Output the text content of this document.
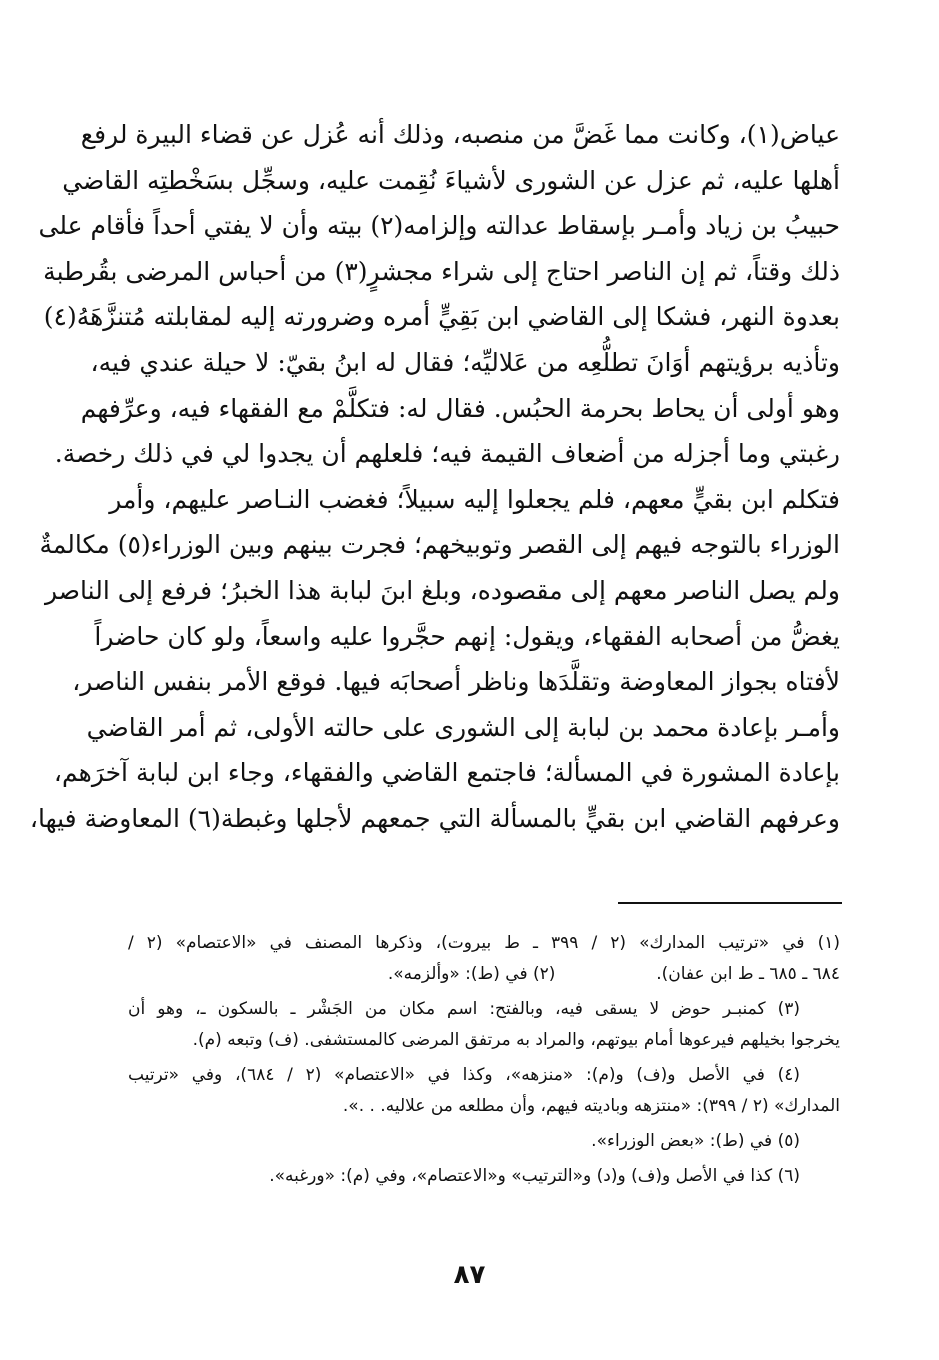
عياض(١)، وكانت مما غَضَّ من منصبه، وذلك أنه عُزل عن قضاء البيرة لرفع
أهلها عليه، ثم عزل عن الشورى لأشياءَ نُقِمت عليه، وسجِّل بسَخْطتِه القاضي
حبيبُ بن زياد وأمـر بإسقاط عدالته وإلزامه(٢) بيته وأن لا يفتي أحداً فأقام على
ذلك وقتاً، ثم إن الناصر احتاج إلى شراء مجشرٍ(٣) من أحباس المرضى بقُرطبة
بعدوة النهر، فشكا إلى القاضي ابن بَقِيٍّ أمره وضرورته إليه لمقابلته مُتنزَّهَهُ(٤)
وتأذيه برؤيتهم أوَانَ تطلُّعِه من عَلاليِّه؛ فقال له ابنُ بقيّ: لا حيلة عندي فيه،
وهو أولى أن يحاط بحرمة الحبُس. فقال له: فتكلَّمْ مع الفقهاء فيه، وعرِّفهم
رغبتي وما أجزله من أضعاف القيمة فيه؛ فلعلهم أن يجدوا لي في ذلك رخصة.
فتكلم ابن بقيٍّ معهم، فلم يجعلوا إليه سبيلاً؛ فغضب النـاصر عليهم، وأمر
الوزراء بالتوجه فيهم إلى القصر وتوبيخهم؛ فجرت بينهم وبين الوزراء(٥) مكالمةٌ
ولم يصل الناصر معهم إلى مقصوده، وبلغ ابنَ لبابة هذا الخبرُ؛ فرفع إلى الناصر
يغضُّ من أصحابه الفقهاء، ويقول: إنهم حجَّروا عليه واسعاً، ولو كان حاضراً
لأفتاه بجواز المعاوضة وتقلَّدَها وناظر أصحابَه فيها. فوقع الأمر بنفس الناصر،
وأمـر بإعادة محمد بن لبابة إلى الشورى على حالته الأولى، ثم أمر القاضي
بإعادة المشورة في المسألة؛ فاجتمع القاضي والفقهاء، وجاء ابن لبابة آخرَهم،
وعرفهم القاضي ابن بقيٍّ بالمسألة التي جمعهم لأجلها وغبطة(٦) المعاوضة فيها،
(١) في «ترتيب المدارك» (٢ / ٣٩٩ ـ ط بيروت)، وذكرها المصنف في «الاعتصام» (٢ /
٦٨٤ ـ ٦٨٥ ـ ط ابن عفان).  (٢) في (ط): «وألزمه».
(٣) كمنبـر حوض لا يسقى فيه، وبالفتح: اسم مكان من الجَشْر ـ بالسكون ـ، وهو أن
يخرجوا بخيلهم فيرعوها أمام بيوتهم، والمراد به مرتفق المرضى كالمستشفى. (ف) وتبعه (م).
(٤) في الأصل و(ف) و(م): «منزهه»، وكذا في «الاعتصام» (٢ / ٦٨٤)، وفي «ترتيب
المدارك» (٢ / ٣٩٩): «منتزهه وباديته فيهم، وأن مطلعه من علاليه. . .».
(٥) في (ط): «بعض الوزراء».
(٦) كذا في الأصل و(ف) و(د) و«الترتيب» و«الاعتصام»، وفي (م): «ورغبه».
٨٧
